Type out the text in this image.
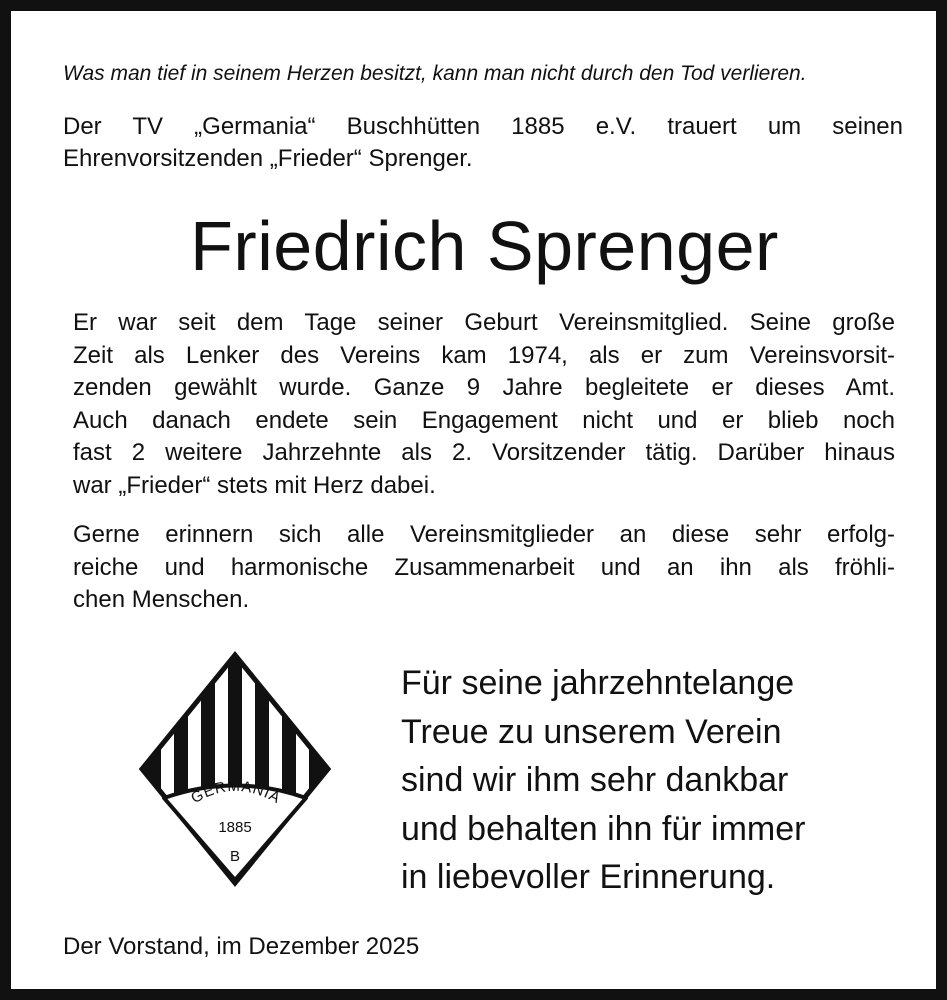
Was man tief in seinem Herzen besitzt, kann man nicht durch den Tod verlieren.
Der TV „Germania“ Buschhütten 1885 e.V. trauert um seinen
Ehrenvorsitzenden „Frieder“ Sprenger.
Friedrich Sprenger
Er war seit dem Tage seiner Geburt Vereinsmitglied. Seine große
Zeit als Lenker des Vereins kam 1974, als er zum Vereinsvorsit-
zenden gewählt wurde. Ganze 9 Jahre begleitete er dieses Amt.
Auch danach endete sein Engagement nicht und er blieb noch
fast 2 weitere Jahrzehnte als 2. Vorsitzender tätig. Darüber hinaus
war „Frieder“ stets mit Herz dabei.
Gerne erinnern sich alle Vereinsmitglieder an diese sehr erfolg-
reiche und harmonische Zusammenarbeit und an ihn als fröhli-
chen Menschen.
GERMANIA
1885
B
Für seine jahrzehntelange
Treue zu unserem Verein
sind wir ihm sehr dankbar
und behalten ihn für immer
in liebevoller Erinnerung.
Der Vorstand, im Dezember 2025
